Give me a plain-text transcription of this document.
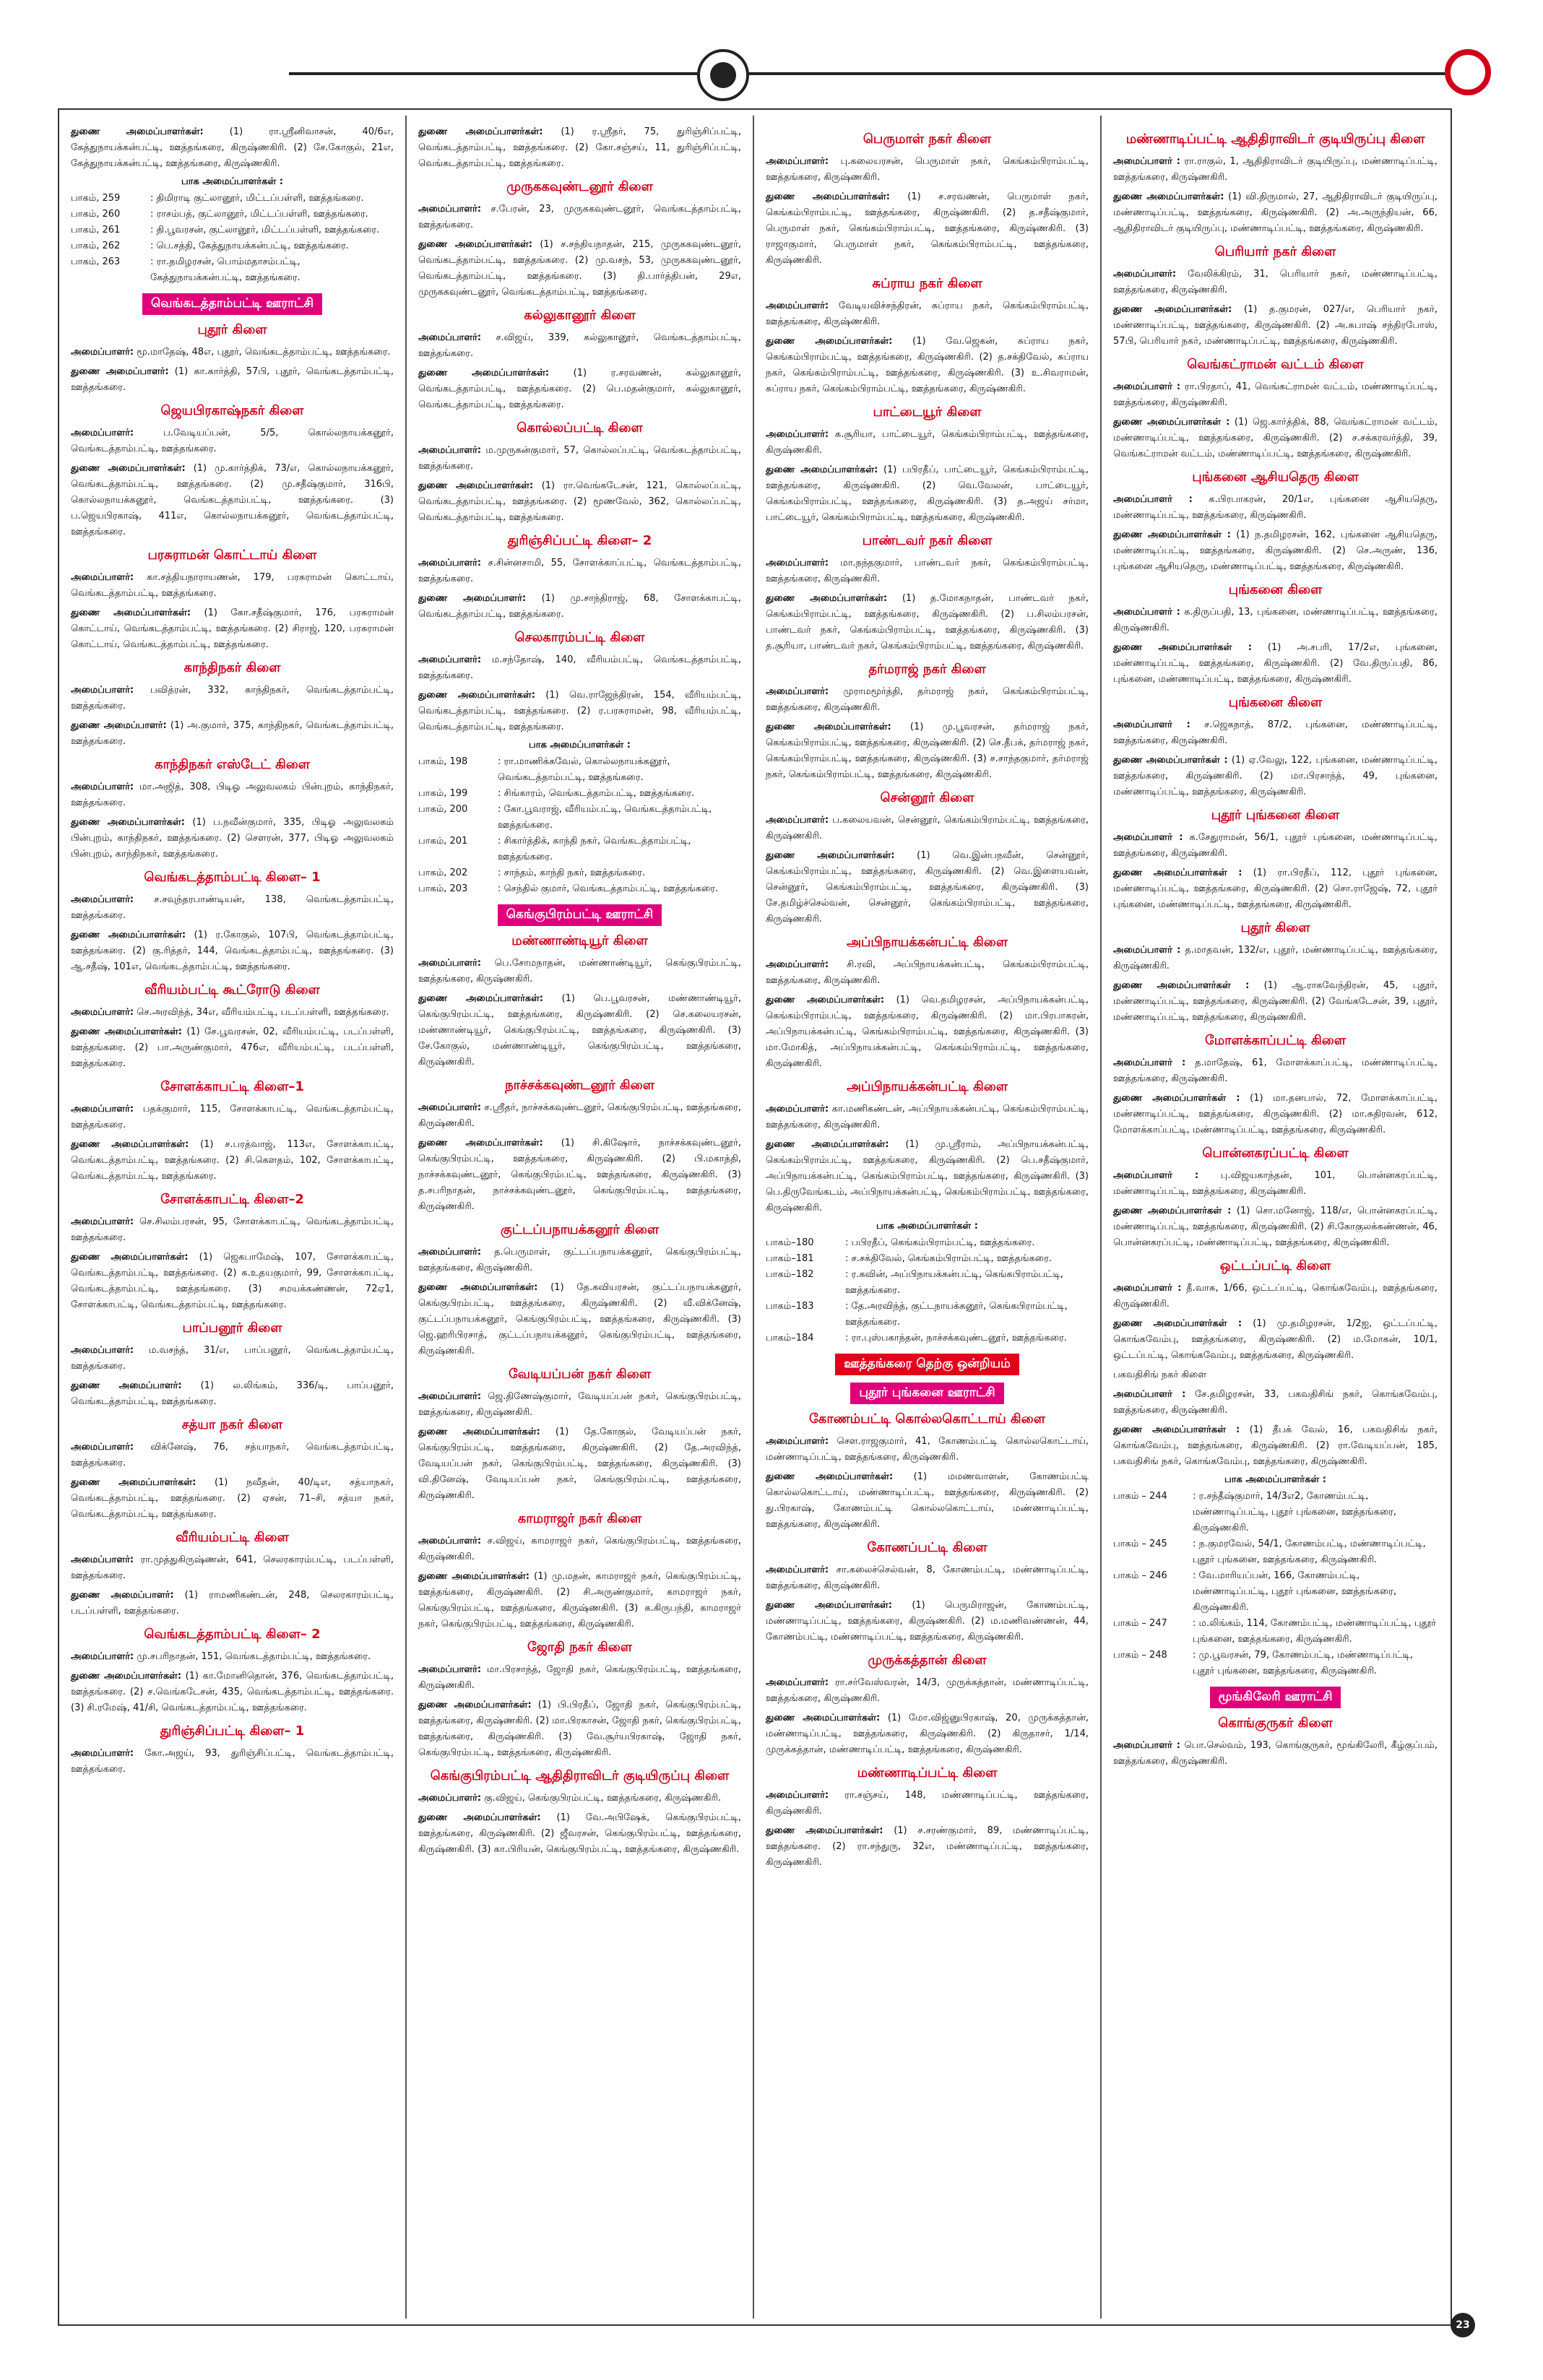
துணை அமைப்பாளர்கள்:	(1) ரா.ஸ்ரீனிவாசன், 40/6எ, கேத்துநாயக்கன்பட்டி, ஊத்தங்கரை, கிருஷ்ணகிரி. (2) சே.கோகுல், 21எ, கேத்துநாயக்கன்பட்டி, ஊத்தங்கரை, கிருஷ்ணகிரி.

பாக அமைப்பாளர்கள் :
பாகம், 259	: திமிராடி குட்லானூர், மிட்டப்பள்ளி, ஊத்தங்கரை.
பாகம், 260	: ராசம்பத், குட்லானூர், மிட்டப்பள்ளி, ஊத்தங்கரை.
பாகம், 261	: தி.பூவரசன், குட்லானூர், மிட்டப்பள்ளி, ஊத்தங்கரை.
பாகம், 262	: பெ.சத்தி, கேத்துநாயக்கன்பட்டி, ஊத்தங்கரை.
பாகம், 263	: ரா.தமிழரசன், பொம்மதாசம்பட்டி, கேத்துநாயக்கன்பட்டி, ஊத்தங்கரை.
வெங்கடத்தாம்பட்டி ஊராட்சி
புதூர் கிளை

அமைப்பாளர்: மூ.மாதேஷ், 48எ, புதூர், வெங்கடத்தாம்பட்டி, ஊத்தங்கரை.

துணை அமைப்பாளர்: (1) கா.கார்த்தி, 57பி, புதூர், வெங்கடத்தாம்பட்டி, ஊத்தங்கரை.

ஜெயபிரகாஷ்நகர் கிளை

அமைப்பாளர்:	ப.வேடியப்பன், 5/5, கொல்லநாயக்கனூர், வெங்கடத்தாம்பட்டி, ஊத்தங்கரை.

துணை அமைப்பாளர்கள்: (1) மு.கார்த்திக், 73/எ, கொல்லநாயக்கனூர், வெங்கடத்தாம்பட்டி, ஊத்தங்கரை. (2) மு.சதீஷ்குமார், 316பி, கொல்லநாயக்கனூர், வெங்கடத்தாம்பட்டி, ஊத்தங்கரை. (3) ப.ஜெயபிரகாஷ், 411எ, கொல்லநாயக்கனூர், வெங்கடத்தாம்பட்டி, ஊத்தங்கரை.

பரசுராமன் கொட்டாய் கிளை

அமைப்பாளர்: கா.சத்தியநாராயணன், 179, பரசுராமன் கொட்டாய், வெங்கடத்தாம்பட்டி, ஊத்தங்கரை.

துணை அமைப்பாளர்கள்: (1) கோ.சதீஷ்குமார், 176, பரசுராமன் கொட்டாய், வெங்கடத்தாம்பட்டி, ஊத்தங்கரை. (2) சிராஜ், 120, பரசுராமன் கொட்டாய், வெங்கடத்தாம்பட்டி, ஊத்தங்கரை.

காந்திநகர் கிளை

அமைப்பாளர்: பவித்ரன், 332, காந்திநகர், வெங்கடத்தாம்பட்டி, ஊத்தங்கரை.

துணை அமைப்பாளர்: (1) அ.குமார், 375, காந்திநகர், வெங்கடத்தாம்பட்டி, ஊத்தங்கரை.

காந்திநகர் எஸ்டேட் கிளை

அமைப்பாளர்: மா.அஜித், 308, பிடிஓ அலுவலகம் பின்புறம், காந்திநகர், ஊத்தங்கரை.

துணை அமைப்பாளர்கள்: (1) ப.நவீன்குமார், 335, பிடிஓ அலுவலகம் பின்புறம், காந்திநகர், ஊத்தங்கரை. (2) சௌரன், 377, பிடிஓ அலுவலகம் பின்புறம், காந்திநகர், ஊத்தங்கரை.

வெங்கடத்தாம்பட்டி கிளை– 1

அமைப்பாளர்: ச.சவுந்தரபாண்டியன், 138, வெங்கடத்தாம்பட்டி, ஊத்தங்கரை.

துணை அமைப்பாளர்கள்: (1) ர.கோகுல், 107பி, வெங்கடத்தாம்பட்டி, ஊத்தங்கரை. (2) கு.ரித்தர், 144, வெங்கடத்தாம்பட்டி, ஊத்தங்கரை. (3) ஆ.சதீஷ், 101எ, வெங்கடத்தாம்பட்டி, ஊத்தங்கரை.

வீரியம்பட்டி கூட்ரோடு கிளை

அமைப்பாளர்: செ.அரவிந்த், 34எ, வீரியம்பட்டி, படப்பள்ளி, ஊத்தங்கரை.

துணை அமைப்பாளர்கள்: (1) சே.பூவரசன், 02, வீரியம்பட்டி, படப்பள்ளி, ஊத்தங்கரை. (2) பா.அருண்குமார், 476எ, வீரியம்பட்டி, படப்பள்ளி, ஊத்தங்கரை.

சோளக்காபட்டி கிளை–1

அமைப்பாளர்: பதக்குமார், 115, சோளக்காபட்டி, வெங்கடத்தாம்பட்டி, ஊத்தங்கரை.

துணை அமைப்பாளர்கள்: (1) ச.பரத்வாஜ், 113எ, சோளக்காபட்டி, வெங்கடத்தாம்பட்டி, ஊத்தங்கரை. (2) சி.கௌதம், 102, சோளக்காபட்டி, வெங்கடத்தாம்பட்டி, ஊத்தங்கரை.

சோளக்காபட்டி கிளை–2

அமைப்பாளர்: செ.சிலம்பரசன், 95, சோளக்காபட்டி, வெங்கடத்தாம்பட்டி, ஊத்தங்கரை.

துணை அமைப்பாளர்கள்: (1) ஜெகபாமேஷ், 107, சோளக்காபட்டி, வெங்கடத்தாம்பட்டி, ஊத்தங்கரை. (2) க.உதயகுமார், 99, சோளக்காபட்டி, வெங்கடத்தாம்பட்டி, ஊத்தங்கரை. (3) சமயக்கண்ணன், 72ஏ1, சோளக்காபட்டி, வெங்கடத்தாம்பட்டி, ஊத்தங்கரை.

பாப்பனூர் கிளை

அமைப்பாளர்: ம.வசந்த், 31/எ, பாப்பனூர், வெங்கடத்தாம்பட்டி, ஊத்தங்கரை.

துணை அமைப்பாளர்: (1) ல.லிங்கம், 336/டி, பாப்பனூர், வெங்கடத்தாம்பட்டி, ஊத்தங்கரை.

சத்யா நகர் கிளை

அமைப்பாளர்: விக்னேஷ், 76, சத்யாநகர், வெங்கடத்தாம்பட்டி, ஊத்தங்கரை.

துணை அமைப்பாளர்கள்: (1) நவீதன், 40/டிஎ, சத்யாநகர், வெங்கடத்தாம்பட்டி, ஊத்தங்கரை. (2) ஏசன், 71–சி, சத்யா நகர், வெங்கடத்தாம்பட்டி, ஊத்தங்கரை.

வீரியம்பட்டி கிளை

அமைப்பாளர்: ரா.முத்துகிருஷ்ணன், 641, செலரகாரம்பட்டி, படப்பள்ளி, ஊத்தங்கரை.

துணை அமைப்பாளர்: (1) ராமணிகண்டன், 248, செலரகாரம்பட்டி, படப்பள்ளி, ஊத்தங்கரை.

வெங்கடத்தாம்பட்டி கிளை– 2

அமைப்பாளர்: மு.சபரிநாதன், 151, வெங்கடத்தாம்பட்டி, ஊத்தங்கரை.

துணை அமைப்பாளர்கள்: (1) கா.மோனிதொன், 376, வெங்கடத்தாம்பட்டி, ஊத்தங்கரை. (2) ச.வெங்கடேசன், 435, வெங்கடத்தாம்பட்டி, ஊத்தங்கரை. (3) சி.ரமேஷ், 41/சி, வெங்கடத்தாம்பட்டி, ஊத்தங்கரை.

துரிஞ்சிப்பட்டி கிளை– 1

அமைப்பாளர்: கோ.அஜய், 93, துரிஞ்சிப்பட்டி, வெங்கடத்தாம்பட்டி, ஊத்தங்கரை.

துணை அமைப்பாளர்கள்: (1) ர.ஸ்ரீதர், 75, துரிஞ்சிப்பட்டி, வெங்கடத்தாம்பட்டி, ஊத்தங்கரை. (2) கோ.சஞ்சய், 11, துரிஞ்சிப்பட்டி, வெங்கடத்தாம்பட்டி, ஊத்தங்கரை.

முருககவுண்டனூர் கிளை

அமைப்பாளர்: ச.பேரன், 23, முருககவுண்டனூர், வெங்கடத்தாம்பட்டி, ஊத்தங்கரை.

துணை அமைப்பாளர்கள்: (1) ச.சந்தியநாதன், 215, முருககவுண்டனூர், வெங்கடத்தாம்பட்டி, ஊத்தங்கரை. (2) மு.வசந், 53, முருககவுண்டனூர், வெங்கடத்தாம்பட்டி, ஊத்தங்கரை. (3) தி.பார்த்திபன், 29எ, முருககவுண்டனூர், வெங்கடத்தாம்பட்டி, ஊத்தங்கரை.

கல்லுகானூர் கிளை

அமைப்பாளர்: ச.விஜய், 339, கல்லுகானூர், வெங்கடத்தாம்பட்டி, ஊத்தங்கரை.

துணை அமைப்பாளர்கள்:	(1) ர.சரவணன், கல்லுகானூர், வெங்கடத்தாம்பட்டி, ஊத்தங்கரை. (2) பெ.மதன்குமார், கல்லுகானூர், வெங்கடத்தாம்பட்டி, ஊத்தங்கரை.

கொல்லப்பட்டி கிளை

அமைப்பாளர்: ம.முருகன்குமார், 57, கொல்லப்பட்டி, வெங்கடத்தாம்பட்டி, ஊத்தங்கரை.

துணை அமைப்பாளர்கள்: (1) ரா.வெங்கடேசன், 121, கொல்லப்பட்டி, வெங்கடத்தாம்பட்டி, ஊத்தங்கரை. (2) மூணவேல், 362, கொல்லப்பட்டி, வெங்கடத்தாம்பட்டி, ஊத்தங்கரை.

துரிஞ்சிப்பட்டி கிளை– 2

அமைப்பாளர்: ச.சின்னசாமி, 55, சோளக்காப்பட்டி, வெங்கடத்தாம்பட்டி, ஊத்தங்கரை.

துணை அமைப்பாளர்: (1) மு.சாந்திராஜ், 68, சோளக்காபட்டி, வெங்கடத்தாம்பட்டி, ஊத்தங்கரை.

செலகாரம்பட்டி கிளை

அமைப்பாளர்: ம.சந்தோஷ், 140, வீரியம்பட்டி, வெங்கடத்தாம்பட்டி, ஊத்தங்கரை.

துணை அமைப்பாளர்கள்: (1) வெ.ராஜேந்திரன், 154, வீரியம்பட்டி, வெங்கடத்தாம்பட்டி, ஊத்தங்கரை. (2) ர.பரசுராமன், 98, வீரியம்பட்டி, வெங்கடத்தாம்பட்டி, ஊத்தங்கரை.

பாக அமைப்பாளர்கள் :
பாகம், 198	: ரா.மாணிக்கவேல், கொல்லநாயக்கனூர், வெங்கடத்தாம்பட்டி, ஊத்தங்கரை.
பாகம், 199	: சிங்காரம், வெங்கடத்தாம்பட்டி, ஊத்தங்கரை.
பாகம், 200	: கோ.பூவராஜ், வீரியம்பட்டி, வெங்கடத்தாம்பட்டி, ஊத்தங்கரை.
பாகம், 201	: சிகார்த்திக், காந்தி நகர், வெங்கடத்தாம்பட்டி, ஊத்தங்கரை.
பாகம், 202	: சாந்தம், காந்தி நகர், ஊத்தங்கரை.
பாகம், 203	: செந்தில் குமார், வெங்கடத்தாம்பட்டி, ஊத்தங்கரை.
கெங்குபிரம்பட்டி ஊராட்சி
மண்ணாண்டியூர் கிளை

அமைப்பாளர்: பெ.சோமநாதன், மண்ணாண்டியூர், கெங்குபிரம்பட்டி, ஊத்தங்கரை, கிருஷ்ணகிரி.

துணை அமைப்பாளர்கள்: (1) பெ.பூவரசன், மண்ணாண்டியூர், கெங்குபிரம்பட்டி, ஊத்தங்கரை, கிருஷ்ணகிரி. (2) செ.கலையரசன், மண்ணாண்டியூர், கெங்குபிரம்பட்டி, ஊத்தங்கரை, கிருஷ்ணகிரி. (3) சே.கோகுல், மண்ணாண்டியூர், கெங்குபிரம்பட்டி, ஊத்தங்கரை, கிருஷ்ணகிரி.

நாச்சக்கவுண்டனூர் கிளை

அமைப்பாளர்: ச.ஸ்ரீதர், நாச்சக்கவுண்டனூர், கெங்குபிரம்பட்டி, ஊத்தங்கரை, கிருஷ்ணகிரி.

துணை அமைப்பாளர்கள்: (1) சி.கிஷோர், நாச்சக்கவுண்டனூர், கெங்குபிரம்பட்டி, ஊத்தங்கரை, கிருஷ்ணகிரி. (2) பி.மகாத்தி, நாச்சக்கவுண்டனூர், கெங்குபிரம்பட்டி, ஊத்தங்கரை, கிருஷ்ணகிரி. (3) த.சபரிநாதன், நாச்சக்கவுண்டனூர், கெங்குபிரம்பட்டி, ஊத்தங்கரை, கிருஷ்ணகிரி.

குட்டப்பநாயக்கனூர் கிளை

அமைப்பாளர்: த.பெருமாள், குட்டப்பநாயக்கனூர், கெங்குபிரம்பட்டி, ஊத்தங்கரை, கிருஷ்ணகிரி.

துணை அமைப்பாளர்கள்: (1) தே.கவியரசன், குட்டப்பநாயக்கனூர், கெங்குபிரம்பட்டி, ஊத்தங்கரை, கிருஷ்ணகிரி. (2) வீ.விக்னேஷ், குட்டப்பநாயக்கனூர், கெங்குபிரம்பட்டி, ஊத்தங்கரை, கிருஷ்ணகிரி. (3) ஜெ.ஹரிபிரசாத், குட்டப்பநாயக்கனூர், கெங்குபிரம்பட்டி, ஊத்தங்கரை, கிருஷ்ணகிரி.

வேடியப்பன் நகர் கிளை

அமைப்பாளர்: ஜெ.திணேஷ்குமார், வேடியப்பன் நகர், கெங்குபிரம்பட்டி, ஊத்தங்கரை, கிருஷ்ணகிரி.

துணை அமைப்பாளர்கள்: (1) தே.கோகுல், வேடியப்பன் நகர், கெங்குபிரம்பட்டி, ஊத்தங்கரை, கிருஷ்ணகிரி. (2) தே.அரவிந்த், வேடியப்பன் நகர், கெங்குபிரம்பட்டி, ஊத்தங்கரை, கிருஷ்ணகிரி. (3) வி.தினேஷ், வேடியப்பன் நகர், கெங்குபிரம்பட்டி, ஊத்தங்கரை, கிருஷ்ணகிரி.

காமராஜர் நகர் கிளை

அமைப்பாளர்: ச.விஜய், காமராஜர் நகர், கெங்குபிரம்பட்டி, ஊத்தங்கரை, கிருஷ்ணகிரி.

துணை அமைப்பாளர்கள்: (1) மு.மதன், காமராஜர் நகர், கெங்குபிரம்பட்டி, ஊத்தங்கரை, கிருஷ்ணகிரி. (2) சி.அருண்குமார், காமராஜர் நகர், கெங்குபிரம்பட்டி, ஊத்தங்கரை, கிருஷ்ணகிரி. (3) க.கிருபந்தி, காமராஜர் நகர், கெங்குபிரம்பட்டி, ஊத்தங்கரை, கிருஷ்ணகிரி.

ஜோதி நகர் கிளை

அமைப்பாளர்: மா.பிரசாந்த், ஜோதி நகர், கெங்குபிரம்பட்டி, ஊத்தங்கரை, கிருஷ்ணகிரி.

துணை அமைப்பாளர்கள்: (1) பி.பிரதீப், ஜோதி நகர், கெங்குபிரம்பட்டி, ஊத்தங்கரை, கிருஷ்ணகிரி. (2) மா.பிரகாசன், ஜோதி நகர், கெங்குபிரம்பட்டி, ஊத்தங்கரை, கிருஷ்ணகிரி. (3) வே.சூர்யபிரகாஷ், ஜோதி நகர், கெங்குபிரம்பட்டி, ஊத்தங்கரை, கிருஷ்ணகிரி.

கெங்குபிரம்பட்டி ஆதிதிராவிடர் குடியிருப்பு கிளை

அமைப்பாளர்: கு.விஜய், கெங்குபிரம்பட்டி, ஊத்தங்கரை, கிருஷ்ணகிரி.

துணை அமைப்பாளர்கள்: (1) வே.அபிஷேக், கெங்குபிரம்பட்டி, ஊத்தங்கரை, கிருஷ்ணகிரி. (2) ஜீவரசன், கெங்குபிரம்பட்டி, ஊத்தங்கரை, கிருஷ்ணகிரி. (3) கா.பிரியன், கெங்குபிரம்பட்டி, ஊத்தங்கரை, கிருஷ்ணகிரி.

பெருமாள் நகர் கிளை

அமைப்பாளர்: பு.கலையரசன், பெருமாள் நகர், கெங்கம்பிராம்பட்டி, ஊத்தங்கரை, கிருஷ்ணகிரி.

துணை அமைப்பாளர்கள்: (1) ச.சரவணன், பெருமாள் நகர், கெங்கம்பிராம்பட்டி, ஊத்தங்கரை, கிருஷ்ணகிரி. (2) த.சதீஷ்குமார், பெருமாள் நகர், கெங்கம்பிராம்பட்டி, ஊத்தங்கரை, கிருஷ்ணகிரி. (3) ராஜாகுமார், பெருமாள் நகர், கெங்கம்பிராம்பட்டி, ஊத்தங்கரை, கிருஷ்ணகிரி.

சுப்ராய நகர் கிளை

அமைப்பாளர்: வேடியவிச்சந்திரன், சுப்ராய நகர், கெங்கம்பிராம்பட்டி, ஊத்தங்கரை, கிருஷ்ணகிரி.

துணை அமைப்பாளர்கள்: (1) வே.ஜெகன், சுப்ராய நகர், கெங்கம்பிராம்பட்டி, ஊத்தங்கரை, கிருஷ்ணகிரி. (2) த.சக்திவேல், சுப்ராய நகர், கெங்கம்பிராம்பட்டி, ஊத்தங்கரை, கிருஷ்ணகிரி. (3) உ.சிவராமன், சுப்ராய நகர், கெங்கம்பிராம்பட்டி, ஊத்தங்கரை, கிருஷ்ணகிரி.

பாட்டையூர் கிளை

அமைப்பாளர்: க.சூரியா, பாட்டையூர், கெங்கம்பிராம்பட்டி, ஊத்தங்கரை, கிருஷ்ணகிரி.

துணை அமைப்பாளர்கள்: (1) பபிரதீப், பாட்டையூர், கெங்கம்பிராம்பட்டி, ஊத்தங்கரை, கிருஷ்ணகிரி. (2) வெ.வேலன், பாட்டையூர், கெங்கம்பிராம்பட்டி, ஊத்தங்கரை, கிருஷ்ணகிரி. (3) த.அஜய் சர்மா, பாட்டையூர், கெங்கம்பிராம்பட்டி, ஊத்தங்கரை, கிருஷ்ணகிரி.

பாண்டவர் நகர் கிளை

அமைப்பாளர்: மா.நந்தகுமார், பாண்டவர் நகர், கெங்கம்பிராம்பட்டி, ஊத்தங்கரை, கிருஷ்ணகிரி.

துணை அமைப்பாளர்கள்: (1) த.மோகநாதன், பாண்டவர் நகர், கெங்கம்பிராம்பட்டி, ஊத்தங்கரை, கிருஷ்ணகிரி. (2) ப.சிலம்பரசன், பாண்டவர் நகர், கெங்கம்பிராம்பட்டி, ஊத்தங்கரை, கிருஷ்ணகிரி. (3) த.சூரியா, பாண்டவர் நகர், கெங்கம்பிராம்பட்டி, ஊத்தங்கரை, கிருஷ்ணகிரி.

தர்மராஜ் நகர் கிளை

அமைப்பாளர்: முராமமூர்த்தி, தர்மராஜ் நகர், கெங்கம்பிராம்பட்டி, ஊத்தங்கரை, கிருஷ்ணகிரி.

துணை அமைப்பாளர்கள்: (1) மு.பூவரசன், தர்மராஜ் நகர், கெங்கம்பிராம்பட்டி, ஊத்தங்கரை, கிருஷ்ணகிரி. (2) செ.தீபக், தர்மராஜ் நகர், கெங்கம்பிராம்பட்டி, ஊத்தங்கரை, கிருஷ்ணகிரி. (3) ச.சாந்தகுமார், தர்மராஜ் நகர், கெங்கம்பிராம்பட்டி, ஊத்தங்கரை, கிருஷ்ணகிரி.

சென்னூர் கிளை

அமைப்பாளர்: ப.கலையவன், சென்னூர், கெங்கம்பிராம்பட்டி, ஊத்தங்கரை, கிருஷ்ணகிரி.

துணை அமைப்பாளர்கள்: (1) வெ.இன்பநவீன், சென்னூர், கெங்கம்பிராம்பட்டி, ஊத்தங்கரை, கிருஷ்ணகிரி. (2) வெ.இளையவன், சென்னூர், கெங்கம்பிராம்பட்டி, ஊத்தங்கரை, கிருஷ்ணகிரி. (3) சே.தமிழ்ச்செல்வன், சென்னூர், கெங்கம்பிராம்பட்டி, ஊத்தங்கரை, கிருஷ்ணகிரி.

அப்பிநாயக்கன்பட்டி கிளை

அமைப்பாளர்: சி.ரவி, அப்பிநாயக்கன்பட்டி, கெங்கம்பிராம்பட்டி, ஊத்தங்கரை, கிருஷ்ணகிரி.

துணை அமைப்பாளர்கள்: (1) வெ.தமிழரசன், அப்பிநாயக்கன்பட்டி, கெங்கம்பிராம்பட்டி, ஊத்தங்கரை, கிருஷ்ணகிரி. (2) மா.பிரபாகரன், அப்பிநாயக்கன்பட்டி, கெங்கம்பிராம்பட்டி, ஊத்தங்கரை, கிருஷ்ணகிரி. (3) மா.மோகித், அப்பிநாயக்கன்பட்டி, கெங்கம்பிராம்பட்டி, ஊத்தங்கரை, கிருஷ்ணகிரி.

அப்பிநாயக்கன்பட்டி கிளை

அமைப்பாளர்: கா.மணிகண்டன், அப்பிநாயக்கன்பட்டி, கெங்கம்பிராம்பட்டி, ஊத்தங்கரை, கிருஷ்ணகிரி.

துணை அமைப்பாளர்கள்: (1) மு.ஸ்ரீராம், அப்பிநாயக்கன்பட்டி, கெங்கம்பிராம்பட்டி, ஊத்தங்கரை, கிருஷ்ணகிரி. (2) பெ.சதீஷ்குமார், அப்பிநாயக்கன்பட்டி, கெங்கம்பிராம்பட்டி, ஊத்தங்கரை, கிருஷ்ணகிரி. (3) பெ.திருவேங்கடம், அப்பிநாயக்கன்பட்டி, கெங்கம்பிராம்பட்டி, ஊத்தங்கரை, கிருஷ்ணகிரி.

பாக அமைப்பாளர்கள் :
பாகம்–180	: பபிரதீப், கெங்கம்பிராம்பட்டி, ஊத்தங்கரை.
பாகம்–181	: ச.சக்திவேல், கெங்கம்பிராம்பட்டி, ஊத்தங்கரை.
பாகம்–182	: ர.கவின், அப்பிநாயக்கன்பட்டி, கெங்கபிராம்பட்டி, ஊத்தங்கரை.
பாகம்–183	: தே.அரவிந்த், குட்டநாயக்கனூர், கெங்கபிராம்பட்டி, ஊத்தங்கரை.
பாகம்–184	: ரா.புஸ்பகாந்தன், நாச்சக்கவுண்டனூர், ஊத்தங்கரை.
ஊத்தங்கரை தெற்கு ஒன்றியம்
புதூர் புங்கனை ஊராட்சி
கோணம்பட்டி கொல்லகொட்டாய் கிளை

அமைப்பாளர்: சௌ.ராஜகுமார், 41, கோணம்பட்டி கொல்லகொட்டாய், மண்ணாடிப்பட்டி, ஊத்தங்கரை, கிருஷ்ணகிரி.

துணை அமைப்பாளர்கள்: (1) மமணவாளன், கோணம்பட்டி கொல்லகொட்டாய், மண்ணாடிப்பட்டி, ஊத்தங்கரை, கிருஷ்ணகிரி. (2) து.பிரகாஷ், கோணம்பட்டி கொல்லகொட்டாய், மண்ணாடிப்பட்டி, ஊத்தங்கரை, கிருஷ்ணகிரி.

கோணப்பட்டி கிளை

அமைப்பாளர்: சா.கலைச்செல்வன், 8, கோணம்பட்டி, மண்ணாடிப்பட்டி, ஊத்தங்கரை, கிருஷ்ணகிரி.

துணை அமைப்பாளர்கள்: (1) பெருமிராஜன், கோணம்பட்டி, மண்ணாடிப்பட்டி, ஊத்தங்கரை, கிருஷ்ணகிரி. (2) ம.மணிவண்ணன், 44, கோணம்பட்டி, மண்ணாடிப்பட்டி, ஊத்தங்கரை, கிருஷ்ணகிரி.

முருக்கத்தான் கிளை

அமைப்பாளர்: ரா.சர்வேஸ்வரன், 14/3, முருக்கத்தான், மண்ணாடிப்பட்டி, ஊத்தங்கரை, கிருஷ்ணகிரி.

துணை அமைப்பாளர்கள்: (1) மோ.விஜ்னுபிரகாஷ், 20, முருக்கத்தான், மண்ணாடிப்பட்டி, ஊத்தங்கரை, கிருஷ்ணகிரி. (2) கிருதாசர், 1/14, முருக்கத்தான், மண்ணாடிப்பட்டி, ஊத்தங்கரை, கிருஷ்ணகிரி.

மண்ணாடிப்பட்டி கிளை

அமைப்பாளர்: ரா.சஞ்சய், 148, மண்ணாடிப்பட்டி, ஊத்தங்கரை, கிருஷ்ணகிரி.

துணை அமைப்பாளர்கள்: (1) ச.சரண்குமார், 89, மண்ணாடிப்பட்டி, ஊத்தங்கரை. (2) ரா.சந்துரு, 32எ, மண்ணாடிப்பட்டி, ஊத்தங்கரை, கிருஷ்ணகிரி.

மண்ணாடிப்பட்டி ஆதிதிராவிடர் குடியிருப்பு கிளை

அமைப்பாளர் : ரா.ராகுல், 1, ஆதிதிராவிடர் குடியிருப்பு, மண்ணாடிப்பட்டி, ஊத்தங்கரை, கிருஷ்ணகிரி.

துணை அமைப்பாளர்கள்: (1) வி.திருமால், 27, ஆதிதிராவிடர் குடியிருப்பு, மண்ணாடிப்பட்டி, ஊத்தங்கரை, கிருஷ்ணகிரி. (2) அ.அருந்தியன், 66, ஆதிதிராவிடர் குடியிருப்பு, மண்ணாடிப்பட்டி, ஊத்தங்கரை, கிருஷ்ணகிரி.

பெரியார் நகர் கிளை

அமைப்பாளர்: வேலிக்கிரம், 31, பெரியார் நகர், மண்ணாடிப்பட்டி, ஊத்தங்கரை, கிருஷ்ணகிரி.

துணை அமைப்பாளர்கள்: (1) த.குமரன், 027/எ, பெரியார் நகர், மண்ணாடிப்பட்டி, ஊத்தங்கரை, கிருஷ்ணகிரி. (2) அ.சுபாஷ் சந்திரபோஸ், 57பி, பெரியார் நகர், மண்ணாடிப்பட்டி, ஊத்தங்கரை, கிருஷ்ணகிரி.

வெங்கட்ராமன் வட்டம் கிளை

அமைப்பாளர் : ரா.பிரதாப், 41, வெங்கட்ராமன் வட்டம், மண்ணாடிப்பட்டி, ஊத்தங்கரை, கிருஷ்ணகிரி.

துணை அமைப்பாளர்கள் : (1) ஜெ.கார்த்திக், 88, வெங்கட்ராமன் வட்டம், மண்ணாடிப்பட்டி, ஊத்தங்கரை, கிருஷ்ணகிரி. (2) ச.சக்கரவர்த்தி, 39, வெங்கட்ராமன் வட்டம், மண்ணாடிப்பட்டி, ஊத்தங்கரை, கிருஷ்ணகிரி.

புங்கனை ஆசியதெரு கிளை

அமைப்பாளர் : க.பிரபாகரன், 20/1எ, புங்கனை ஆசியதெரு, மண்ணாடிப்பட்டி, ஊத்தங்கரை, கிருஷ்ணகிரி.

துணை அமைப்பாளர்கள் : (1) ந.தமிழரசன், 162, புங்கனை ஆசியதெரு, மண்ணாடிப்பட்டி, ஊத்தங்கரை, கிருஷ்ணகிரி. (2) செ.அருண், 136, புங்கனை ஆசியதெரு, மண்ணாடிப்பட்டி, ஊத்தங்கரை, கிருஷ்ணகிரி.

புங்கனை கிளை

அமைப்பாளர் : க.திருப்பதி, 13, புங்கனை, மண்ணாடிப்பட்டி, ஊத்தங்கரை, கிருஷ்ணகிரி.

துணை அமைப்பாளர்கள் : (1) அ.சபரி, 17/2எ, புங்கனை, மண்ணாடிப்பட்டி, ஊத்தங்கரை, கிருஷ்ணகிரி. (2) வே.திருப்பதி, 86, புங்கனை, மண்ணாடிப்பட்டி, ஊத்தங்கரை, கிருஷ்ணகிரி.

புங்கனை கிளை

அமைப்பாளர் : ச.ஜெகநாத், 87/2, புங்கனை, மண்ணாடிப்பட்டி, ஊத்தங்கரை, கிருஷ்ணகிரி.

துணை அமைப்பாளர்கள் : (1) ஏ.வேலு, 122, புங்கனை, மண்ணாடிப்பட்டி, ஊத்தங்கரை, கிருஷ்ணகிரி. (2) மா.பிரசாந்த், 49, புங்கனை, மண்ணாடிப்பட்டி, ஊத்தங்கரை, கிருஷ்ணகிரி.

புதூர் புங்கனை கிளை

அமைப்பாளர் : க.சேதுராமன், 56/1, புதூர் புங்கனை, மண்ணாடிப்பட்டி, ஊத்தங்கரை, கிருஷ்ணகிரி.

துணை அமைப்பாளர்கள் : (1) ரா.பிரதீப், 112, புதூர் புங்கனை, மண்ணாடிப்பட்டி, ஊத்தங்கரை, கிருஷ்ணகிரி. (2) சொ.ராஜேஷ், 72, புதூர் புங்கனை, மண்ணாடிப்பட்டி, ஊத்தங்கரை, கிருஷ்ணகிரி.

புதூர் கிளை

அமைப்பாளர் : த.மாதவன், 132/எ, புதூர், மண்ணாடிப்பட்டி, ஊத்தங்கரை, கிருஷ்ணகிரி.

துணை அமைப்பாளர்கள் : (1) ஆ.ராகவேந்திரன், 45, புதூர், மண்ணாடிப்பட்டி, ஊத்தங்கரை, கிருஷ்ணகிரி. (2) வேங்கடேசன், 39, புதூர், மண்ணாடிப்பட்டி, ஊத்தங்கரை, கிருஷ்ணகிரி.

மோளக்காப்பட்டி கிளை

அமைப்பாளர் : த.மாதேஷ், 61, மோளக்காப்பட்டி, மண்ணாடிப்பட்டி, ஊத்தங்கரை, கிருஷ்ணகிரி.

துணை அமைப்பாளர்கள் : (1) மா.தனபால், 72, மோளக்காப்பட்டி, மண்ணாடிப்பட்டி, ஊத்தங்கரை, கிருஷ்ணகிரி. (2) மா.சுதிரவன், 612, மோளக்காப்பட்டி, மண்ணாடிப்பட்டி, ஊத்தங்கரை, கிருஷ்ணகிரி.

பொன்னகரப்பட்டி கிளை

அமைப்பாளர் : பு.விஜயகாந்தன், 101, பொன்னகரப்பட்டி, மண்ணாடிப்பட்டி, ஊத்தங்கரை, கிருஷ்ணகிரி.

துணை அமைப்பாளர்கள் : (1) சொ.மனோஜ், 118/எ, பொன்னகரப்பட்டி, மண்ணாடிப்பட்டி, ஊத்தங்கரை, கிருஷ்ணகிரி. (2) சி.கோகுலக்கண்ணன், 46, பொன்னகரப்பட்டி, மண்ணாடிப்பட்டி, ஊத்தங்கரை, கிருஷ்ணகிரி.

ஒட்டப்பட்டி கிளை

அமைப்பாளர் : தீ.வாசு, 1/66, ஒட்டப்பட்டி, கொங்கவேம்பு, ஊத்தங்கரை, கிருஷ்ணகிரி.

துணை அமைப்பாளர்கள் : (1) மு.தமிழரசன், 1/2ஐ, ஒட்டப்பட்டி, கொங்கவேம்பு, ஊத்தங்கரை, கிருஷ்ணகிரி. (2) ம.மோகன், 10/1, ஒட்டப்பட்டி, கொங்கவேம்பு, ஊத்தங்கரை, கிருஷ்ணகிரி.

பகவதிசிங் நகர் கிளை

அமைப்பாளர் : சே.தமிழரசன், 33, பகவதிசிங் நகர், கொங்கவேம்பு, ஊத்தங்கரை, கிருஷ்ணகிரி.

துணை அமைப்பாளர்கள் : (1) தீபக் வேல், 16, பகவதிசிங் நகர், கொங்கவேம்பு, ஊத்தங்கரை, கிருஷ்ணகிரி. (2) ரா.வேடியப்பன், 185, பகவதிசிங் நகர், கொங்கவேம்பு, ஊத்தங்கரை, கிருஷ்ணகிரி.

பாக அமைப்பாளர்கள் :
பாகம் – 244	: ர.சந்தீஷ்குமார், 14/3எ2, கோணம்பட்டி, மண்ணாடிப்பட்டி, புதூர் புங்கனை, ஊத்தங்கரை, கிருஷ்ணகிரி.
பாகம் – 245	: ந.குமரவேல், 54/1, கோணம்பட்டி, மண்ணாடிப்பட்டி, புதூர் புங்கனை, ஊத்தங்கரை, கிருஷ்ணகிரி.
பாகம் – 246	: வே.மாரியப்பன், 166, கோணம்பட்டி, மண்ணாடிப்பட்டி, புதூர் புங்கனை, ஊத்தங்கரை, கிருஷ்ணகிரி.
பாகம் – 247	: ம.லிங்கம், 114, கோணம்பட்டி, மண்ணாடிப்பட்டி, புதூர் புங்கனை, ஊத்தங்கரை, கிருஷ்ணகிரி.
பாகம் – 248	: மு.பூவரசன், 79, கோணம்பட்டி, மண்ணாடிப்பட்டி, புதூர் புங்கனை, ஊத்தங்கரை, கிருஷ்ணகிரி.
மூங்கிலேரி ஊராட்சி
கொங்குருகர் கிளை

அமைப்பாளர் : பொ.செல்வம், 193, கொங்குருகர், மூங்கிலேரி, கீழ்குப்பம், ஊத்தங்கரை, கிருஷ்ணகிரி.

23
